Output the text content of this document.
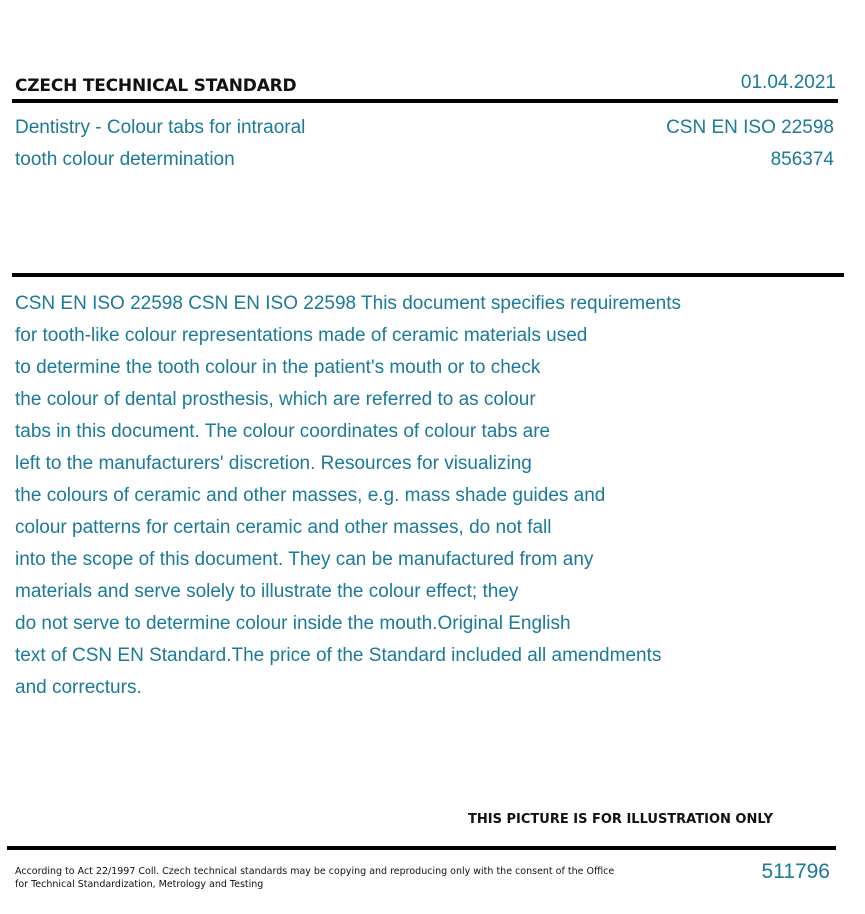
CZECH TECHNICAL STANDARD	01.04.2021
Dentistry - Colour tabs for intraoral
tooth colour determination
CSN EN ISO 22598
856374
CSN EN ISO 22598 CSN EN ISO 22598 This document specifies requirements
for tooth-like colour representations made of ceramic materials used
to determine the tooth colour in the patient's mouth or to check
the colour of dental prosthesis, which are referred to as colour
tabs in this document. The colour coordinates of colour tabs are
left to the manufacturers' discretion. Resources for visualizing
the colours of ceramic and other masses, e.g. mass shade guides and
colour patterns for certain ceramic and other masses, do not fall
into the scope of this document. They can be manufactured from any
materials and serve solely to illustrate the colour effect; they
do not serve to determine colour inside the mouth.Original English
text of CSN EN Standard.The price of the Standard included all amendments
and correcturs.
THIS PICTURE IS FOR ILLUSTRATION ONLY
According to Act 22/1997 Coll. Czech technical standards may be copying and reproducing only with the consent of the Office
for Technical Standardization, Metrology and Testing
511796
